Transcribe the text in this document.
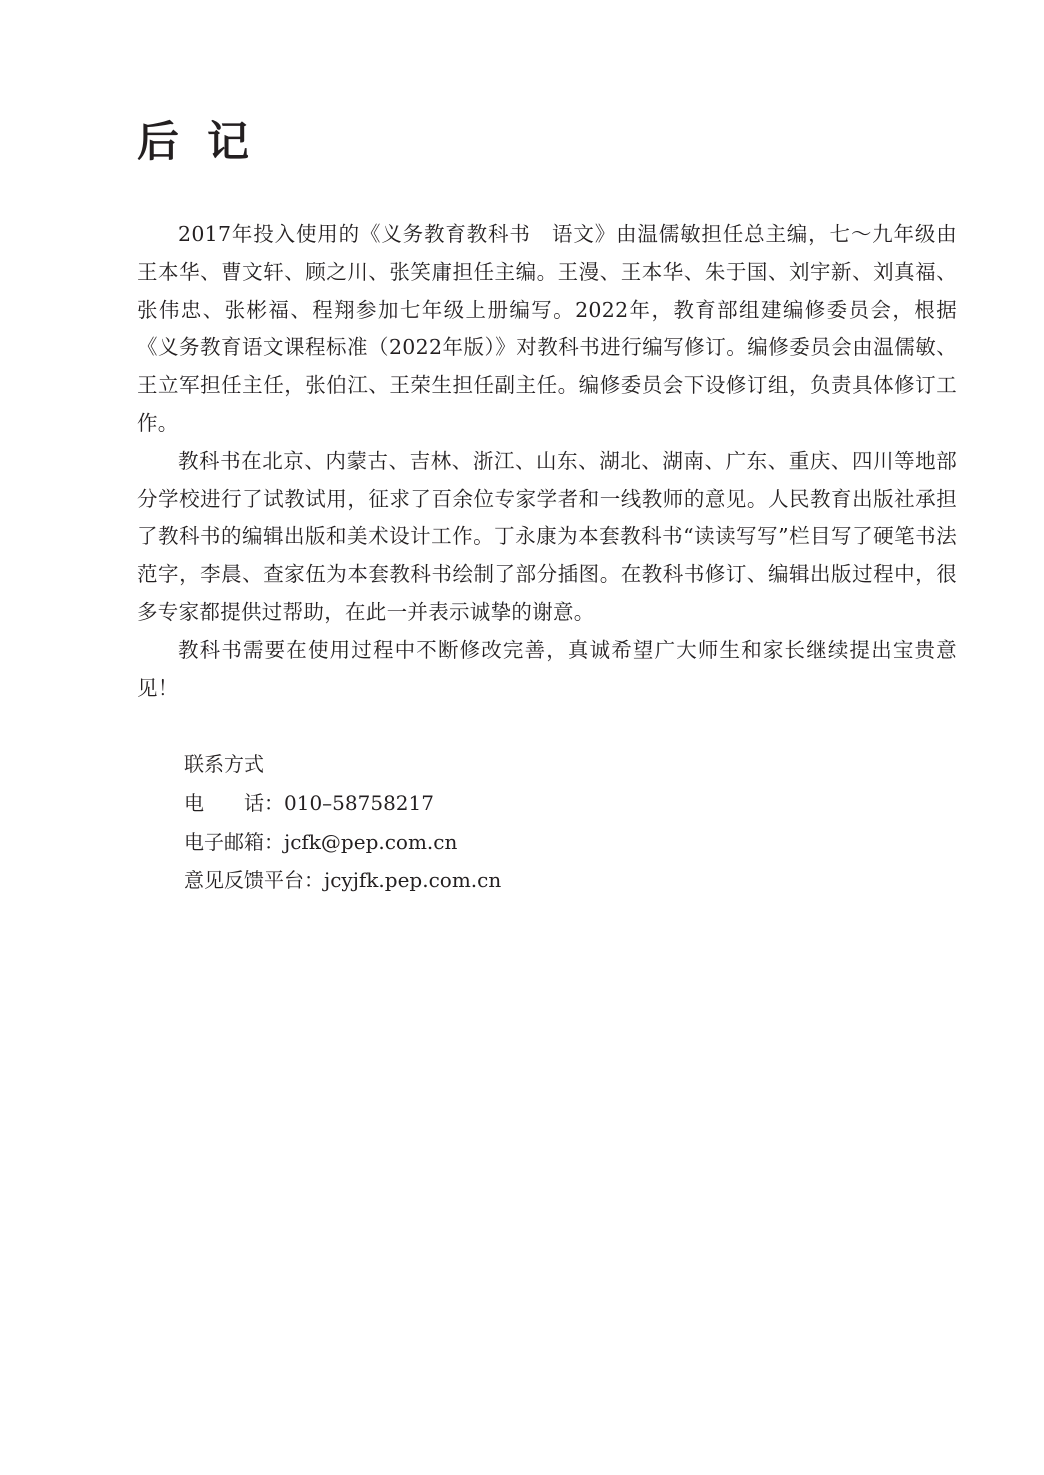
后记

2017年投入使用的《义务教育教科书　语文》由温儒敏担任总主编，七～九年级由王本华、曹文轩、顾之川、张笑庸担任主编。王漫、王本华、朱于国、刘宇新、刘真福、张伟忠、张彬福、程翔参加七年级上册编写。2022年，教育部组建编修委员会，根据《义务教育语文课程标准（2022年版）》对教科书进行编写修订。编修委员会由温儒敏、王立军担任主任，张伯江、王荣生担任副主任。编修委员会下设修订组，负责具体修订工作。

教科书在北京、内蒙古、吉林、浙江、山东、湖北、湖南、广东、重庆、四川等地部分学校进行了试教试用，征求了百余位专家学者和一线教师的意见。人民教育出版社承担了教科书的编辑出版和美术设计工作。丁永康为本套教科书“读读写写”栏目写了硬笔书法范字，李晨、查家伍为本套教科书绘制了部分插图。在教科书修订、编辑出版过程中，很多专家都提供过帮助，在此一并表示诚挚的谢意。

教科书需要在使用过程中不断修改完善，真诚希望广大师生和家长继续提出宝贵意见！

联系方式

电　　话：010–58758217

电子邮箱：jcfk@pep.com.cn

意见反馈平台：jcyjfk.pep.com.cn
